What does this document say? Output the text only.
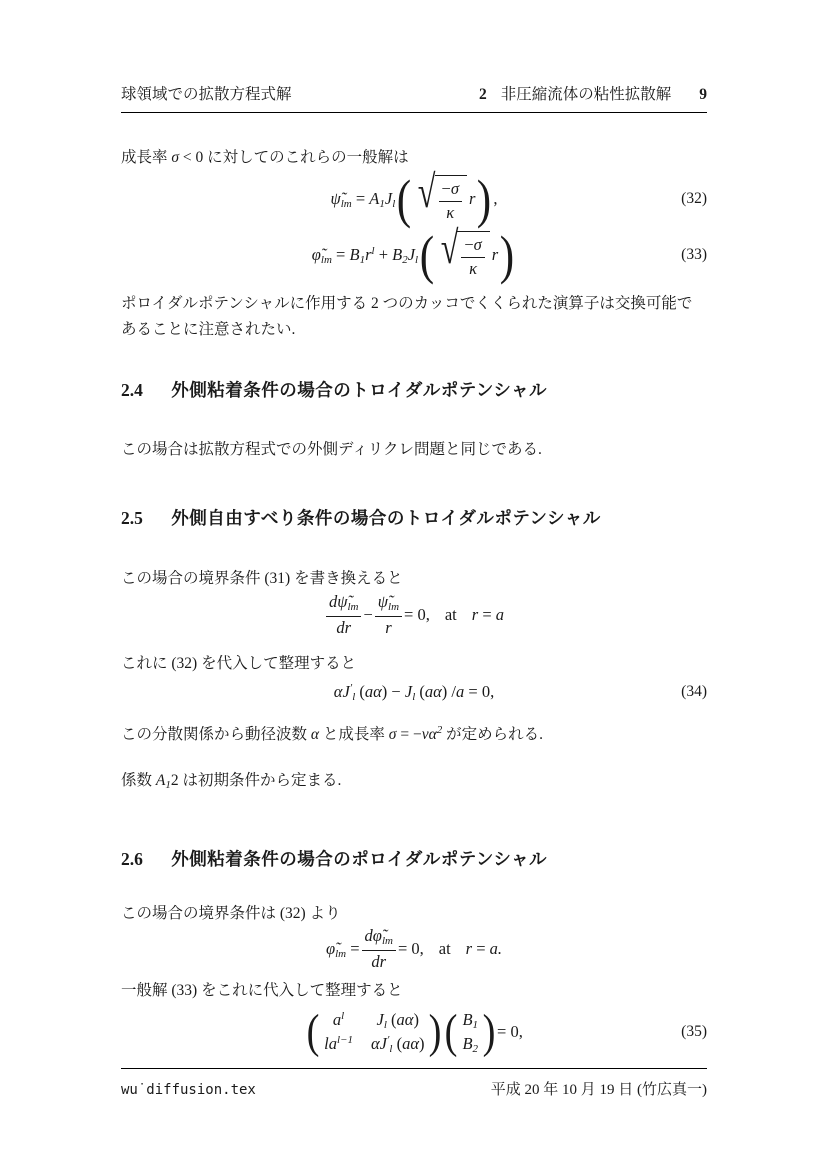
球領域での拡散方程式解	2 非圧縮流体の粘性拡散解 9

成長率 σ < 0 に対してのこれらの一般解は

ψ̃lm = A1Jl ( √ $\frac{-\sigma}{\kappa}$ r ) ,	(32)
φ̃lm = $B1r^l + B2Jl$ ( √ $\frac{-\sigma}{\kappa}$ r )	(33)

ポロイダルポテンシャルに作用する 2 つのカッコでくくられた演算子は交換可能であることに注意されたい.

2.4 外側粘着条件の場合のトロイダルポテンシャル

この場合は拡散方程式での外側ディリクレ問題と同じである.

2.5 外側自由すべり条件の場合のトロイダルポテンシャル

この場合の境界条件 (31) を書き換えると

$\frac{d\psĩlm}{dr} - \frac{\psĩlm}{r} = 0$, at r = a

これに (32) を代入して整理すると

αJ′l (aα) − Jl (aα) /a = 0,	(34)

この分散関係から動径波数 α と成長率 $\sigma = -\nu\alpha^2$ が定められる.

係数 A12 は初期条件から定まる.

2.6 外側粘着条件の場合のポロイダルポテンシャル

この場合の境界条件は (32) より

φ̃lm = $\frac{d\varphĩlm}{dr} = 0$, at r = a.

一般解 (33) をこれに代入して整理すると

( $a^l$ Jl (aα)
$la^{l-1}$ αJ′l (aα) ) ( B1
B2 ) = 0,	(35)
wu˙diffusion.tex	平成 20 年 10 月 19 日 (竹広真一)
